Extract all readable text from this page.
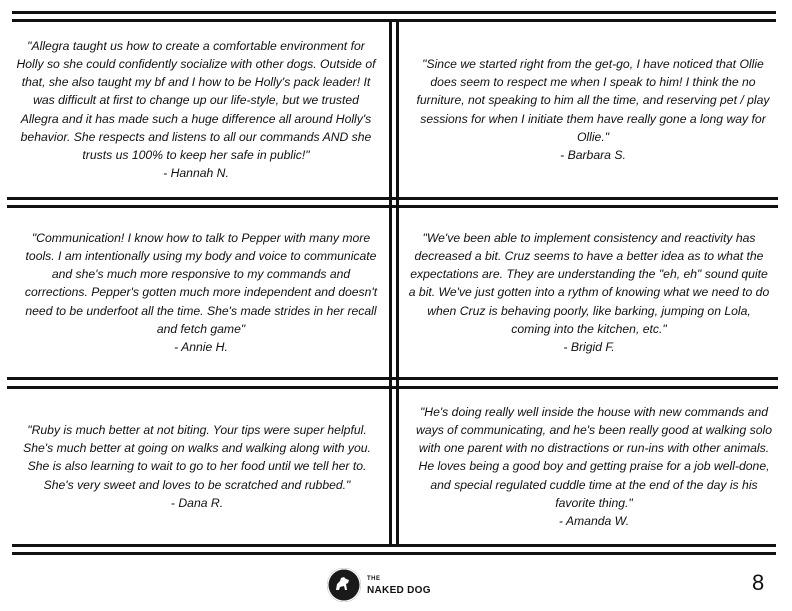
"Allegra taught us how to create a comfortable environment for Holly so she could confidently socialize with other dogs. Outside of that, she also taught my bf and I how to be Holly's pack leader! It was difficult at first to change up our life-style, but we trusted Allegra and it has made such a huge difference all around Holly's behavior. She respects and listens to all our commands AND she trusts us 100% to keep her safe in public!"
- Hannah N.
"Since we started right from the get-go, I have noticed that Ollie does seem to respect me when I speak to him! I think the no furniture, not speaking to him all the time, and reserving pet / play sessions for when I initiate them have really gone a long way for Ollie."
- Barbara S.
"Communication! I know how to talk to Pepper with many more tools. I am intentionally using my body and voice to communicate and she's much more responsive to my commands and corrections. Pepper's gotten much more independent and doesn't need to be underfoot all the time. She's made strides in her recall and fetch game"
- Annie H.
"We've been able to implement consistency and reactivity has decreased a bit. Cruz seems to have a better idea as to what the expectations are. They are understanding the "eh, eh" sound quite a bit. We've just gotten into a rythm of knowing what we need to do when Cruz is behaving poorly, like barking, jumping on Lola, coming into the kitchen, etc."
- Brigid F.
"Ruby is much better at not biting. Your tips were super helpful. She's much better at going on walks and walking along with you. She is also learning to wait to go to her food until we tell her to. She's very sweet and loves to be scratched and rubbed."
- Dana R.
"He's doing really well inside the house with new commands and ways of communicating, and he's been really good at walking solo with one parent with no distractions or run-ins with other animals. He loves being a good boy and getting praise for a job well-done, and special regulated cuddle time at the end of the day is his favorite thing."
- Amanda W.
THE
NAKED DOG	8
